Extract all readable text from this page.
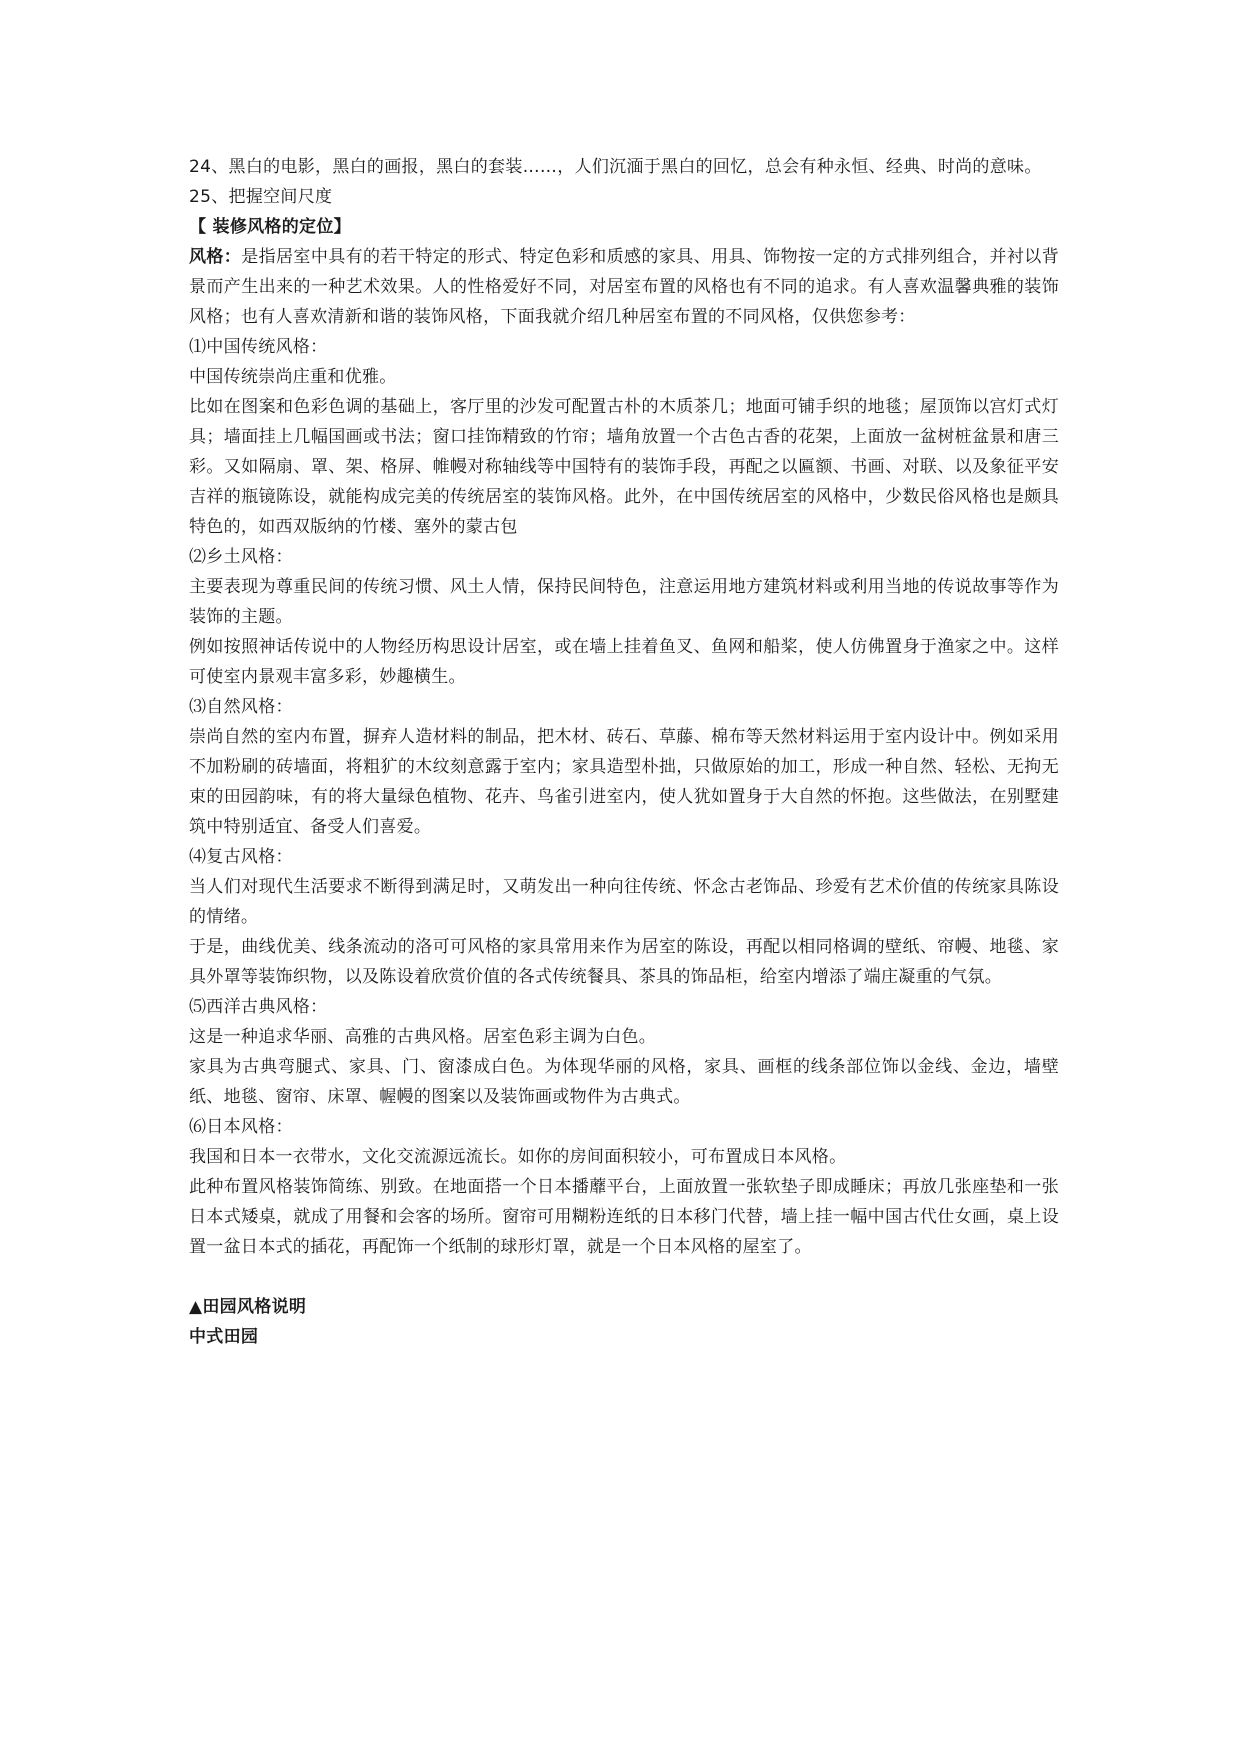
24、黑白的电影，黑白的画报，黑白的套装……，人们沉湎于黑白的回忆，总会有种永恒、经典、时尚的意味。

25、把握空间尺度

【 装修风格的定位】

风格：是指居室中具有的若干特定的形式、特定色彩和质感的家具、用具、饰物按一定的方式排列组合，并衬以背景而产生出来的一种艺术效果。人的性格爱好不同，对居室布置的风格也有不同的追求。有人喜欢温馨典雅的装饰风格；也有人喜欢清新和谐的装饰风格，下面我就介绍几种居室布置的不同风格，仅供您参考：

⑴中国传统风格：

中国传统崇尚庄重和优雅。

比如在图案和色彩色调的基础上，客厅里的沙发可配置古朴的木质茶几；地面可铺手织的地毯；屋顶饰以宫灯式灯具；墙面挂上几幅国画或书法；窗口挂饰精致的竹帘；墙角放置一个古色古香的花架，上面放一盆树桩盆景和唐三彩。又如隔扇、罩、架、格屏、帷幔对称轴线等中国特有的装饰手段，再配之以匾额、书画、对联、以及象征平安吉祥的瓶镜陈设，就能构成完美的传统居室的装饰风格。此外，在中国传统居室的风格中，少数民俗风格也是颇具特色的，如西双版纳的竹楼、塞外的蒙古包

⑵乡土风格：

主要表现为尊重民间的传统习惯、风土人情，保持民间特色，注意运用地方建筑材料或利用当地的传说故事等作为装饰的主题。

例如按照神话传说中的人物经历构思设计居室，或在墙上挂着鱼叉、鱼网和船桨，使人仿佛置身于渔家之中。这样可使室内景观丰富多彩，妙趣横生。

⑶自然风格：

崇尚自然的室内布置，摒弃人造材料的制品，把木材、砖石、草藤、棉布等天然材料运用于室内设计中。例如采用不加粉刷的砖墙面，将粗犷的木纹刻意露于室内；家具造型朴拙，只做原始的加工，形成一种自然、轻松、无拘无束的田园韵味，有的将大量绿色植物、花卉、鸟雀引进室内，使人犹如置身于大自然的怀抱。这些做法，在别墅建筑中特别适宜、备受人们喜爱。

⑷复古风格：

当人们对现代生活要求不断得到满足时，又萌发出一种向往传统、怀念古老饰品、珍爱有艺术价值的传统家具陈设的情绪。

于是，曲线优美、线条流动的洛可可风格的家具常用来作为居室的陈设，再配以相同格调的壁纸、帘幔、地毯、家具外罩等装饰织物，以及陈设着欣赏价值的各式传统餐具、茶具的饰品柜，给室内增添了端庄凝重的气氛。

⑸西洋古典风格：

这是一种追求华丽、高雅的古典风格。居室色彩主调为白色。

家具为古典弯腿式、家具、门、窗漆成白色。为体现华丽的风格，家具、画框的线条部位饰以金线、金边，墙壁纸、地毯、窗帘、床罩、幄幔的图案以及装饰画或物件为古典式。

⑹日本风格：

我国和日本一衣带水，文化交流源远流长。如你的房间面积较小，可布置成日本风格。

此种布置风格装饰简练、别致。在地面搭一个日本播蘼平台，上面放置一张软垫子即成睡床；再放几张座垫和一张日本式矮桌，就成了用餐和会客的场所。窗帘可用糊粉连纸的日本移门代替，墙上挂一幅中国古代仕女画，桌上设置一盆日本式的插花，再配饰一个纸制的球形灯罩，就是一个日本风格的屋室了。

▲田园风格说明

中式田园
